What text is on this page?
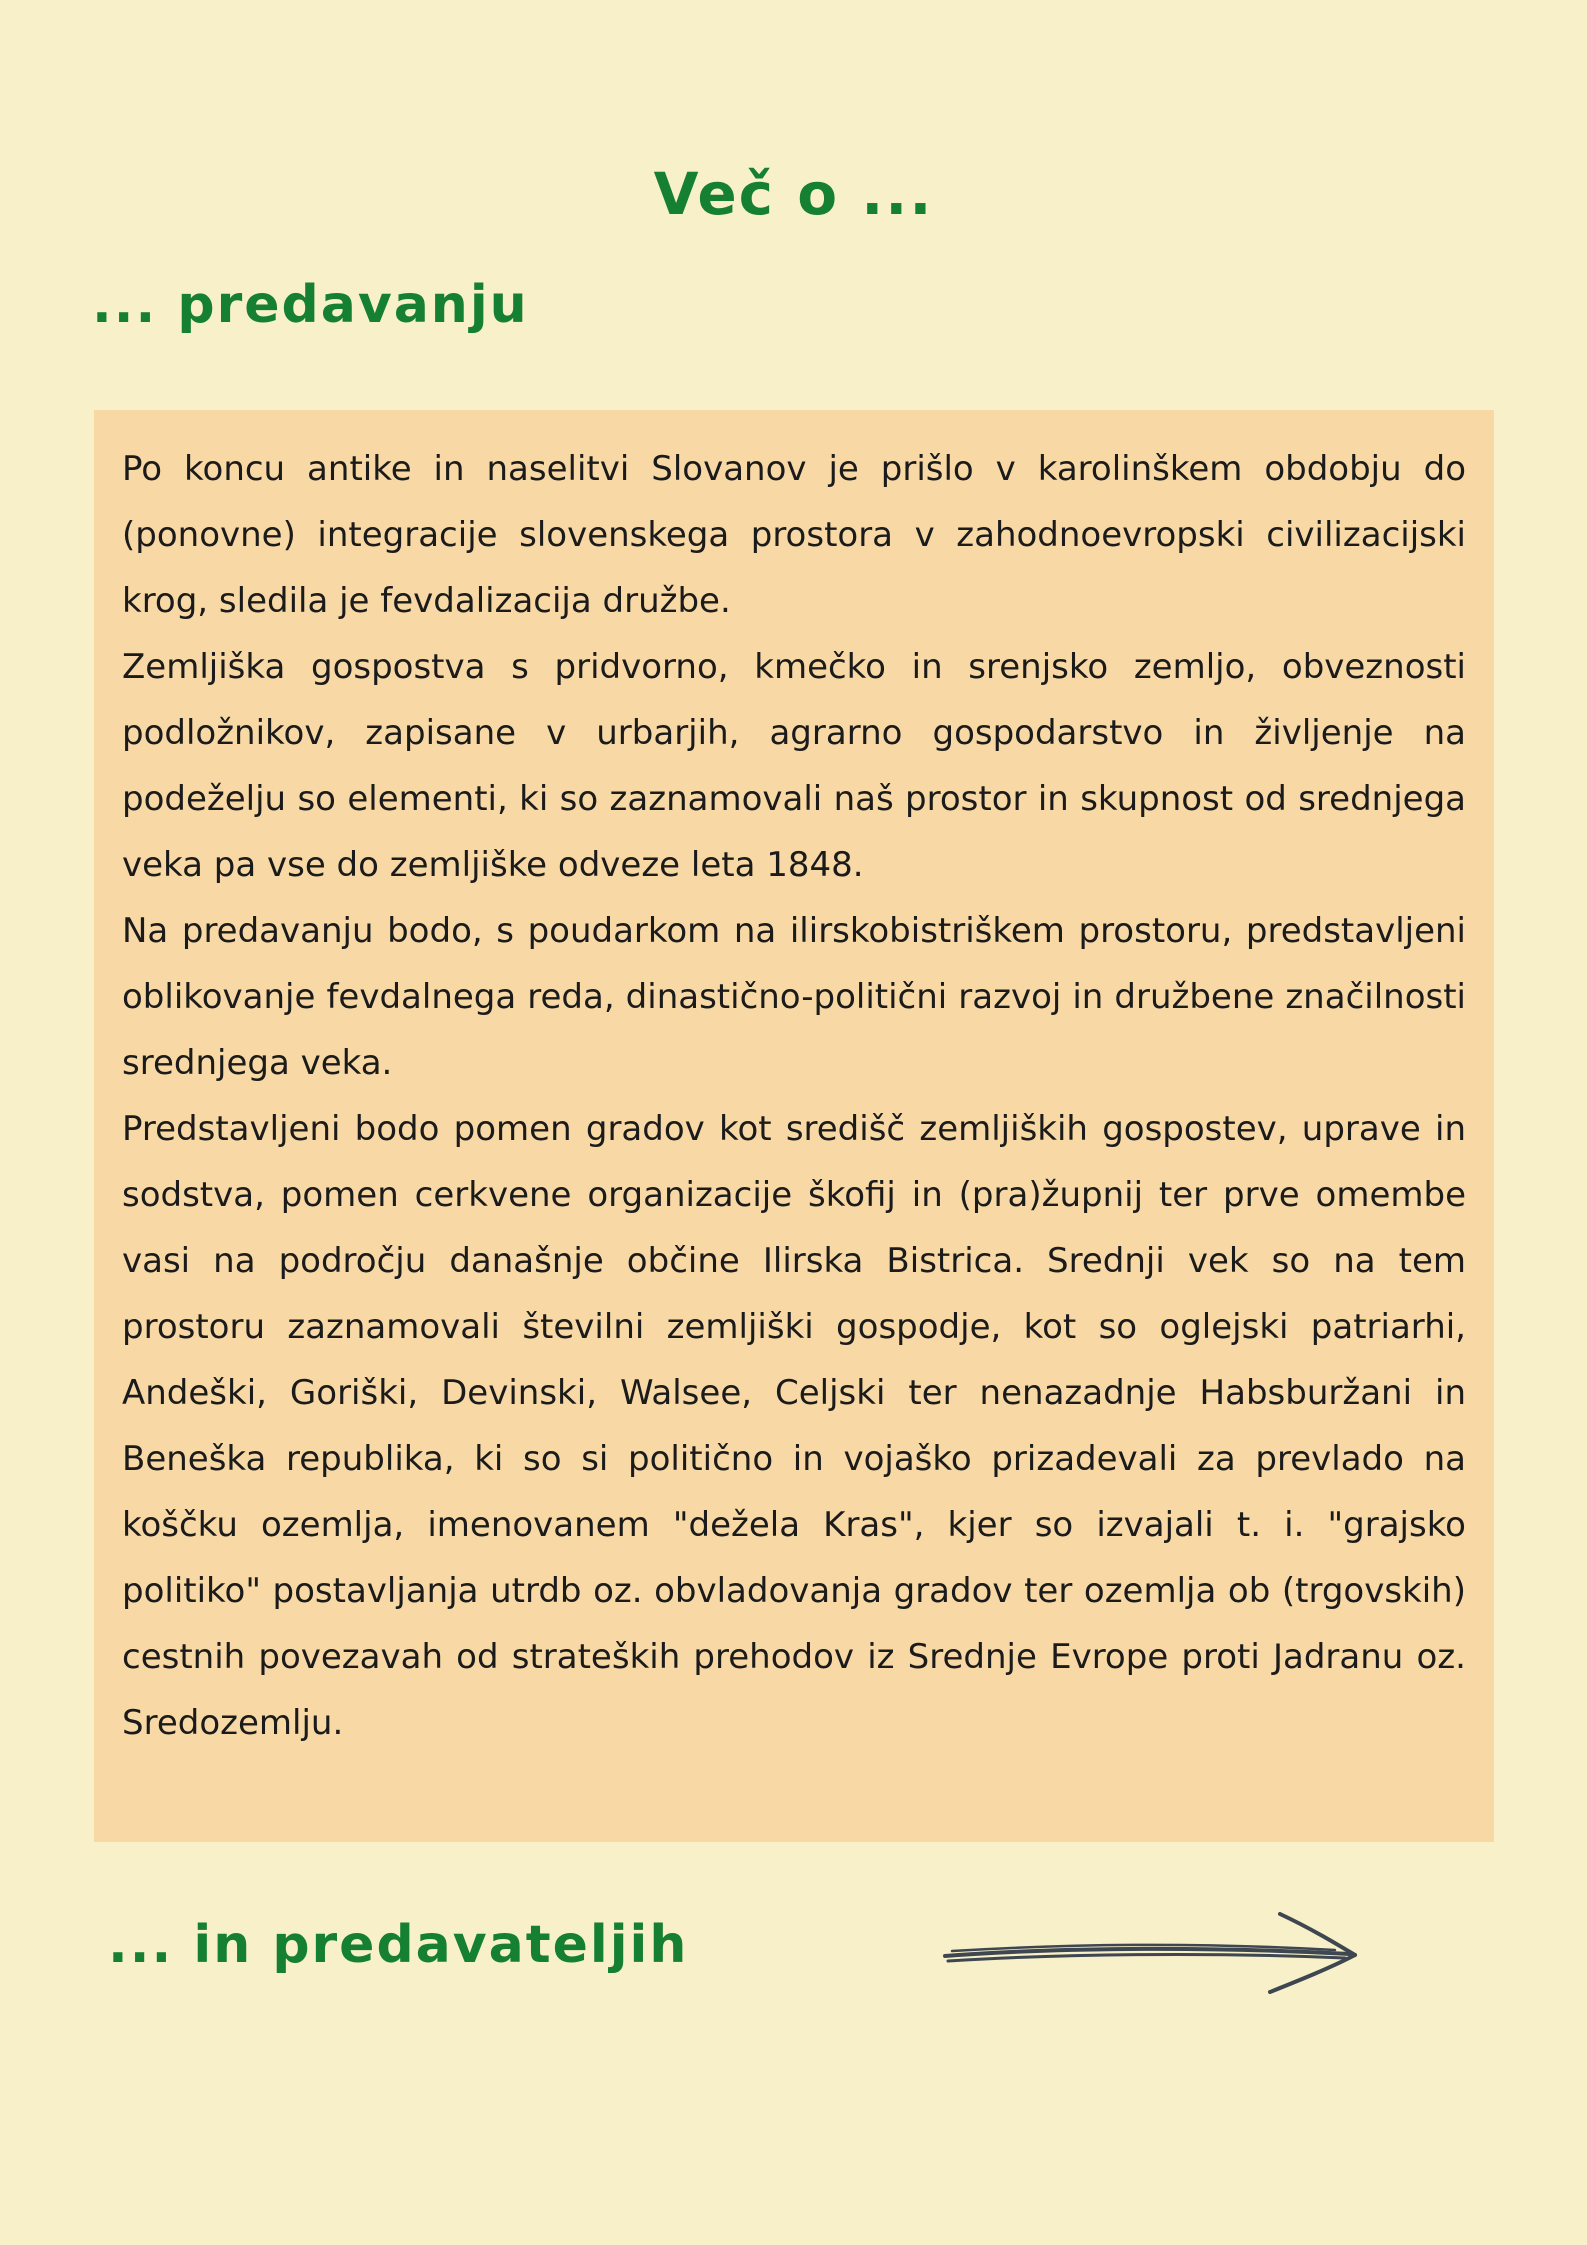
Več o ...
... predavanju

Po koncu antike in naselitvi Slovanov je prišlo v karolinškem obdobju do (ponovne) integracije slovenskega prostora v zahodnoevropski civilizacijski krog, sledila je fevdalizacija družbe.

Zemljiška gospostva s pridvorno, kmečko in srenjsko zemljo, obveznosti podložnikov, zapisane v urbarjih, agrarno gospodarstvo in življenje na podeželju so elementi, ki so zaznamovali naš prostor in skupnost od srednjega veka pa vse do zemljiške odveze leta 1848.

Na predavanju bodo, s poudarkom na ilirskobistriškem prostoru, predstavljeni oblikovanje fevdalnega reda, dinastično-politični razvoj in družbene značilnosti srednjega veka.

Predstavljeni bodo pomen gradov kot središč zemljiških gospostev, uprave in sodstva, pomen cerkvene organizacije škofij in (pra)župnij ter prve omembe vasi na področju današnje občine Ilirska Bistrica. Srednji vek so na tem prostoru zaznamovali številni zemljiški gospodje, kot so oglejski patriarhi, Andeški, Goriški, Devinski, Walsee, Celjski ter nenazadnje Habsburžani in Beneška republika, ki so si politično in vojaško prizadevali za prevlado na koščku ozemlja, imenovanem "dežela Kras", kjer so izvajali t. i. "grajsko politiko" postavljanja utrdb oz. obvladovanja gradov ter ozemlja ob (trgovskih) cestnih povezavah od strateških prehodov iz Srednje Evrope proti Jadranu oz. Sredozemlju.

... in predavateljih
